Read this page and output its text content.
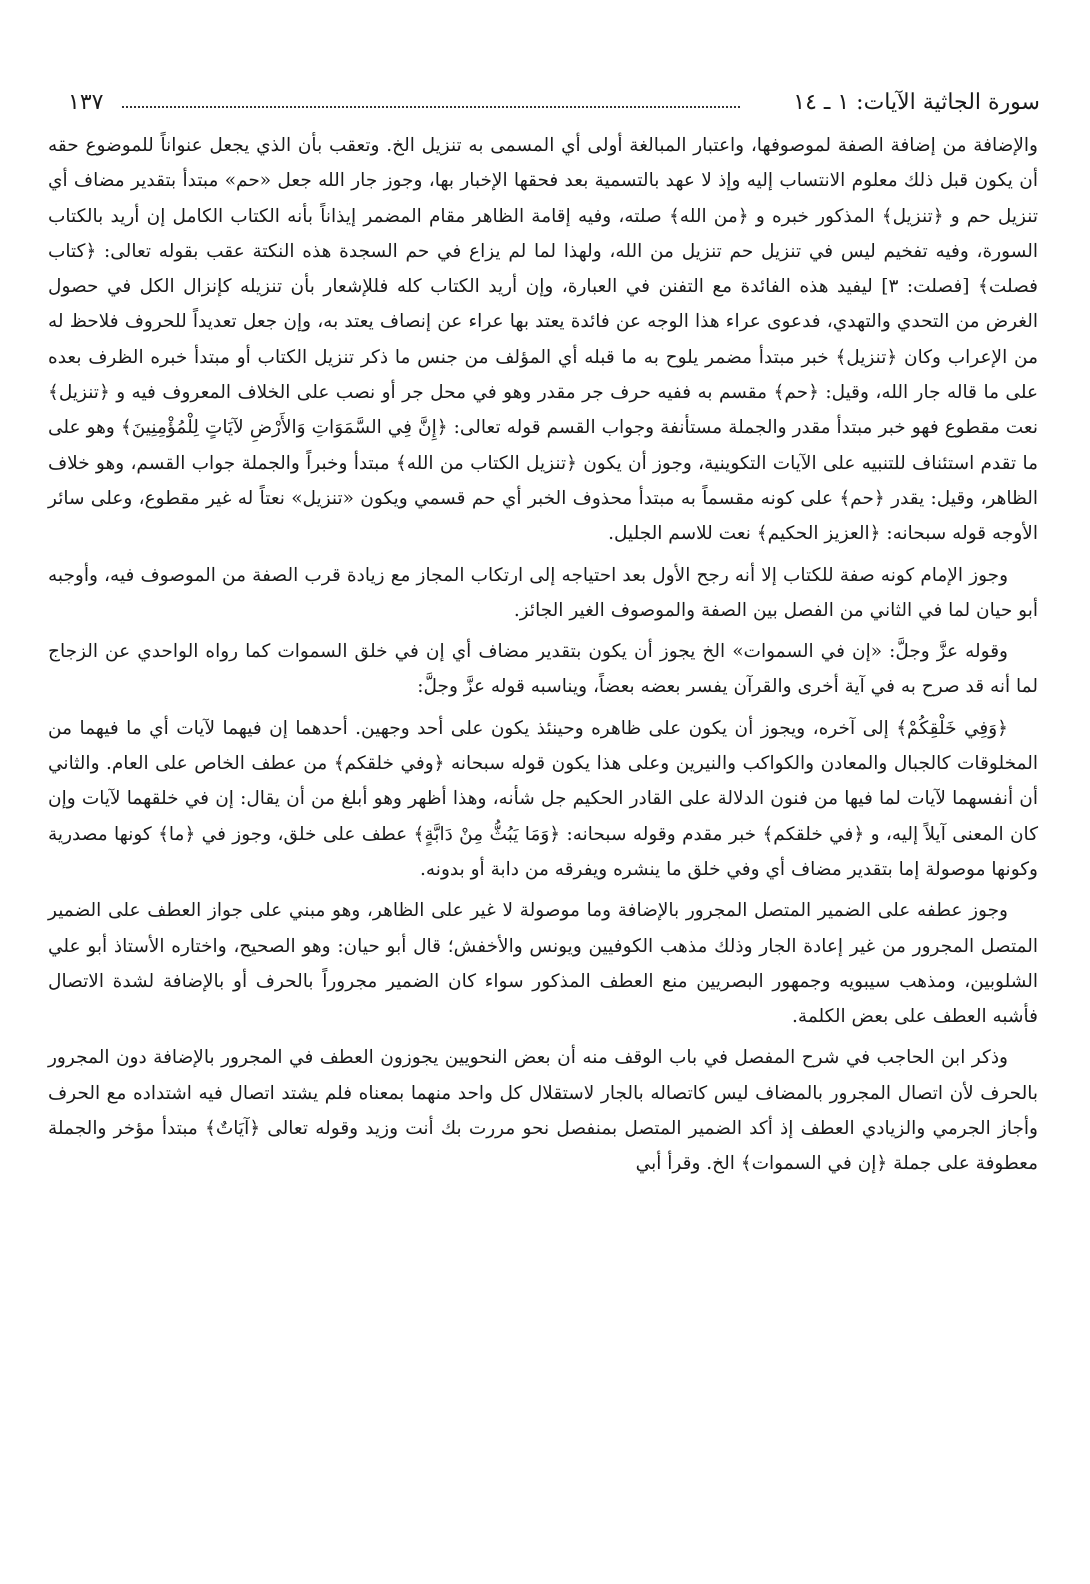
سورة الجاثية الآيات: ١ ـ ١٤
١٣٧

والإضافة من إضافة الصفة لموصوفها، واعتبار المبالغة أولى أي المسمى به تنزيل الخ. وتعقب بأن الذي يجعل عنواناً للموضوع حقه أن يكون قبل ذلك معلوم الانتساب إليه وإذ لا عهد بالتسمية بعد فحقها الإخبار بها، وجوز جار الله جعل «حم» مبتدأ بتقدير مضاف أي تنزيل حم و ﴿تنزيل﴾ المذكور خبره و ﴿من الله﴾ صلته، وفيه إقامة الظاهر مقام المضمر إيذاناً بأنه الكتاب الكامل إن أريد بالكتاب السورة، وفيه تفخيم ليس في تنزيل حم تنزيل من الله، ولهذا لما لم يزاع في حم السجدة هذه النكتة عقب بقوله تعالى: ﴿كتاب فصلت﴾ [فصلت: ٣] ليفيد هذه الفائدة مع التفنن في العبارة، وإن أريد الكتاب كله فللإشعار بأن تنزيله كإنزال الكل في حصول الغرض من التحدي والتهدي، فدعوى عراء هذا الوجه عن فائدة يعتد بها عراء عن إنصاف يعتد به، وإن جعل تعديداً للحروف فلاحظ له من الإعراب وكان ﴿تنزيل﴾ خبر مبتدأ مضمر يلوح به ما قبله أي المؤلف من جنس ما ذكر تنزيل الكتاب أو مبتدأ خبره الظرف بعده على ما قاله جار الله، وقيل: ﴿حم﴾ مقسم به ففيه حرف جر مقدر وهو في محل جر أو نصب على الخلاف المعروف فيه و ﴿تنزيل﴾ نعت مقطوع فهو خبر مبتدأ مقدر والجملة مستأنفة وجواب القسم قوله تعالى: ﴿إِنَّ فِي السَّمَوَاتِ وَالأَرْضِ لآيَاتٍ لِلْمُؤْمِنِينَ﴾ وهو على ما تقدم استئناف للتنبيه على الآيات التكوينية، وجوز أن يكون ﴿تنزيل الكتاب من الله﴾ مبتدأ وخبراً والجملة جواب القسم، وهو خلاف الظاهر، وقيل: يقدر ﴿حم﴾ على كونه مقسماً به مبتدأ محذوف الخبر أي حم قسمي ويكون «تنزيل» نعتاً له غير مقطوع، وعلى سائر الأوجه قوله سبحانه: ﴿العزيز الحكيم﴾ نعت للاسم الجليل.

وجوز الإمام كونه صفة للكتاب إلا أنه رجح الأول بعد احتياجه إلى ارتكاب المجاز مع زيادة قرب الصفة من الموصوف فيه، وأوجبه أبو حيان لما في الثاني من الفصل بين الصفة والموصوف الغير الجائز.

وقوله عزَّ وجلَّ: «إن في السموات» الخ يجوز أن يكون بتقدير مضاف أي إن في خلق السموات كما رواه الواحدي عن الزجاج لما أنه قد صرح به في آية أخرى والقرآن يفسر بعضه بعضاً، ويناسبه قوله عزَّ وجلَّ:

﴿وَفِي خَلْقِكُمْ﴾ إلى آخره، ويجوز أن يكون على ظاهره وحينئذ يكون على أحد وجهين. أحدهما إن فيهما لآيات أي ما فيهما من المخلوقات كالجبال والمعادن والكواكب والنيرين وعلى هذا يكون قوله سبحانه ﴿وفي خلقكم﴾ من عطف الخاص على العام. والثاني أن أنفسهما لآيات لما فيها من فنون الدلالة على القادر الحكيم جل شأنه، وهذا أظهر وهو أبلغ من أن يقال: إن في خلقهما لآيات وإن كان المعنى آيلاً إليه، و ﴿في خلقكم﴾ خبر مقدم وقوله سبحانه: ﴿وَمَا يَبُثُّ مِنْ دَابَّةٍ﴾ عطف على خلق، وجوز في ﴿ما﴾ كونها مصدرية وكونها موصولة إما بتقدير مضاف أي وفي خلق ما ينشره ويفرقه من دابة أو بدونه.

وجوز عطفه على الضمير المتصل المجرور بالإضافة وما موصولة لا غير على الظاهر، وهو مبني على جواز العطف على الضمير المتصل المجرور من غير إعادة الجار وذلك مذهب الكوفيين ويونس والأخفش؛ قال أبو حيان: وهو الصحيح، واختاره الأستاذ أبو علي الشلوبين، ومذهب سيبويه وجمهور البصريين منع العطف المذكور سواء كان الضمير مجروراً بالحرف أو بالإضافة لشدة الاتصال فأشبه العطف على بعض الكلمة.

وذكر ابن الحاجب في شرح المفصل في باب الوقف منه أن بعض النحويين يجوزون العطف في المجرور بالإضافة دون المجرور بالحرف لأن اتصال المجرور بالمضاف ليس كاتصاله بالجار لاستقلال كل واحد منهما بمعناه فلم يشتد اتصال فيه اشتداده مع الحرف وأجاز الجرمي والزيادي العطف إذ أكد الضمير المتصل بمنفصل نحو مررت بك أنت وزيد وقوله تعالى ﴿آيَاتٌ﴾ مبتدأ مؤخر والجملة معطوفة على جملة ﴿إن في السموات﴾ الخ. وقرأ أبي
